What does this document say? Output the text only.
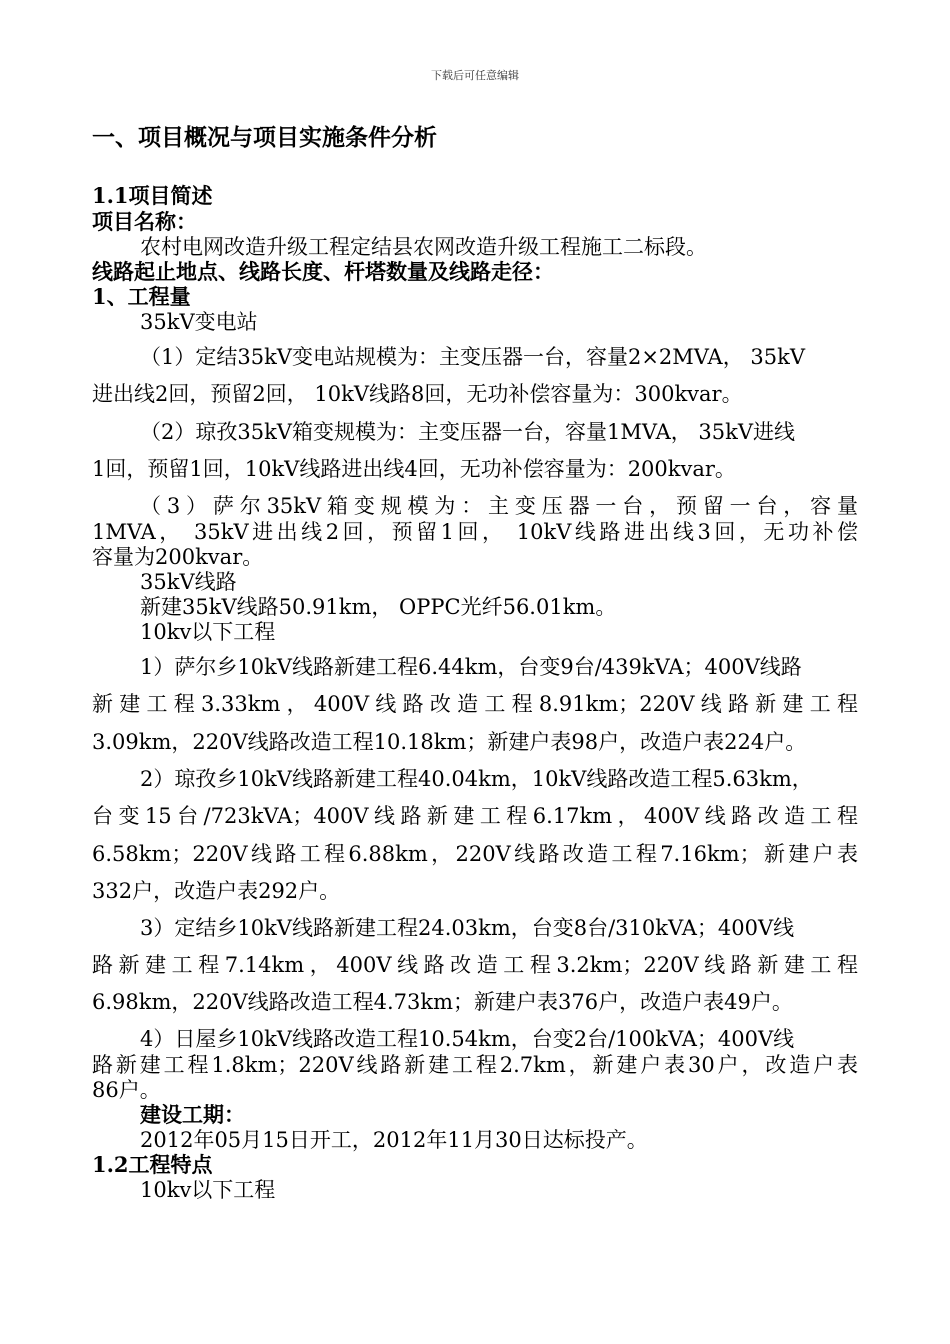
下载后可任意编辑
一、项目概况与项目实施条件分析
1.1项目简述
项目名称：
农村电网改造升级工程定结县农网改造升级工程施工二标段。
线路起止地点、线路长度、杆塔数量及线路走径：
1、工程量
35kV变电站
（1）定结35kV变电站规模为：主变压器一台，容量2×2MVA， 35kV
进出线2回，预留2回， 10kV线路8回，无功补偿容量为：300kvar。
（2）琼孜35kV箱变规模为：主变压器一台，容量1MVA， 35kV进线
1回，预留1回，10kV线路进出线4回，无功补偿容量为：200kvar。
（3）萨尔35kV箱变规模为：主变压器一台，预留一台，容量
1MVA， 35kV进出线2回，预留1回， 10kV线路进出线3回，无功补偿
容量为200kvar。
35kV线路
新建35kV线路50.91km， OPPC光纤56.01km。
10kv以下工程
1）萨尔乡10kV线路新建工程6.44km，台变9台/439kVA；400V线路
新建工程3.33km，400V线路改造工程8.91km；220V线路新建工程
3.09km，220V线路改造工程10.18km；新建户表98户，改造户表224户。
2）琼孜乡10kV线路新建工程40.04km，10kV线路改造工程5.63km，
台变15台/723kVA；400V线路新建工程6.17km，400V线路改造工程
6.58km；220V线路工程6.88km，220V线路改造工程7.16km；新建户表
332户，改造户表292户。
3）定结乡10kV线路新建工程24.03km，台变8台/310kVA；400V线
路新建工程7.14km，400V线路改造工程3.2km；220V线路新建工程
6.98km，220V线路改造工程4.73km；新建户表376户，改造户表49户。
4）日屋乡10kV线路改造工程10.54km，台变2台/100kVA；400V线
路新建工程1.8km；220V线路新建工程2.7km，新建户表30户，改造户表
86户。
建设工期：
2012年05月15日开工，2012年11月30日达标投产。
1.2工程特点
10kv以下工程
